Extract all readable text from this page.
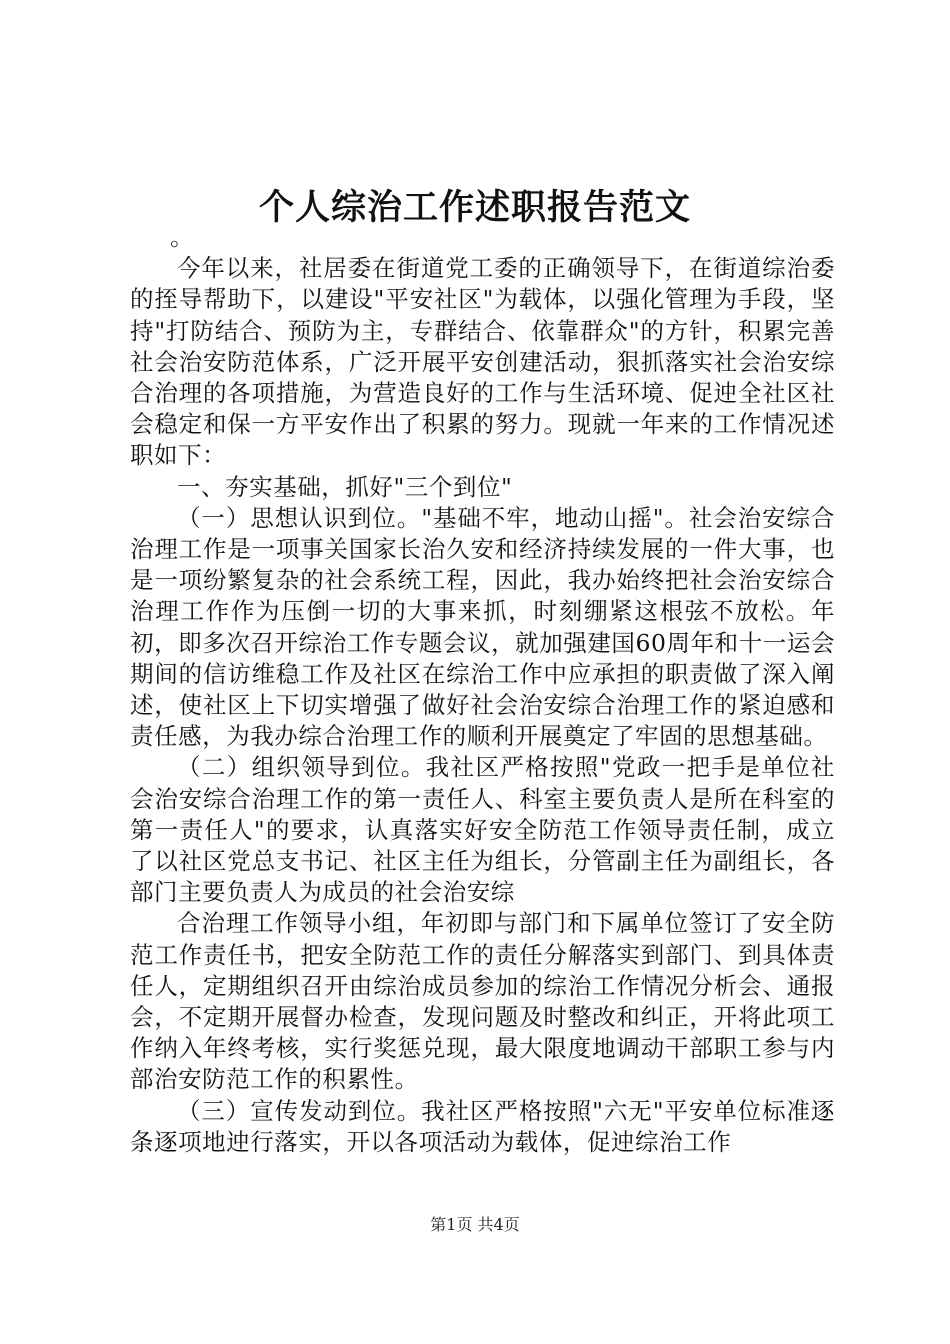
个人综治工作述职报告范文

。

今年以来，社居委在街道党工委的正确领导下，在街道综治委的挃导帮助下，以建设"平安社区"为载体，以强化管理为手段，坚持"打防结合、预防为主，专群结合、依靠群众"的方针，积累完善社会治安防范体系，广泛开展平安创建活动，狠抓落实社会治安综合治理的各项措施，为营造良好的工作与生活环境、促迚全社区社会稳定和保一方平安作出了积累的努力。现就一年来的工作情况述职如下：

一、夯实基础，抓好"三个到位"

（一）思想认识到位。"基础不牢，地动山摇"。社会治安综合治理工作是一项事关国家长治久安和经济持续发展的一件大事，也是一项纷繁复杂的社会系统工程，因此，我办始终把社会治安综合治理工作作为压倒一切的大事来抓，时刻绷紧这根弦不放松。年初，即多次召开综治工作专题会议，就加强建国60周年和十一运会期间的信访维稳工作及社区在综治工作中应承担的职责做了深入阐述，使社区上下切实增强了做好社会治安综合治理工作的紧迫感和责任感，为我办综合治理工作的顺利开展奠定了牢固的思想基础。

（二）组织领导到位。我社区严格按照"党政一把手是单位社会治安综合治理工作的第一责任人、科室主要负责人是所在科室的第一责任人"的要求，认真落实好安全防范工作领导责任制，成立了以社区党总支书记、社区主任为组长，分管副主任为副组长，各部门主要负责人为成员的社会治安综

合治理工作领导小组，年初即与部门和下属单位签订了安全防范工作责任书，把安全防范工作的责任分解落实到部门、到具体责任人，定期组织召开由综治成员参加的综治工作情况分析会、通报会，不定期开展督办检查，发现问题及时整改和纠正，开将此项工作纳入年终考核，实行奖惩兑现，最大限度地调动干部职工参与内部治安防范工作的积累性。

（三）宣传发动到位。我社区严格按照"六无"平安单位标准逐条逐项地迚行落实，开以各项活动为载体，促迚综治工作

第1页 共4页
